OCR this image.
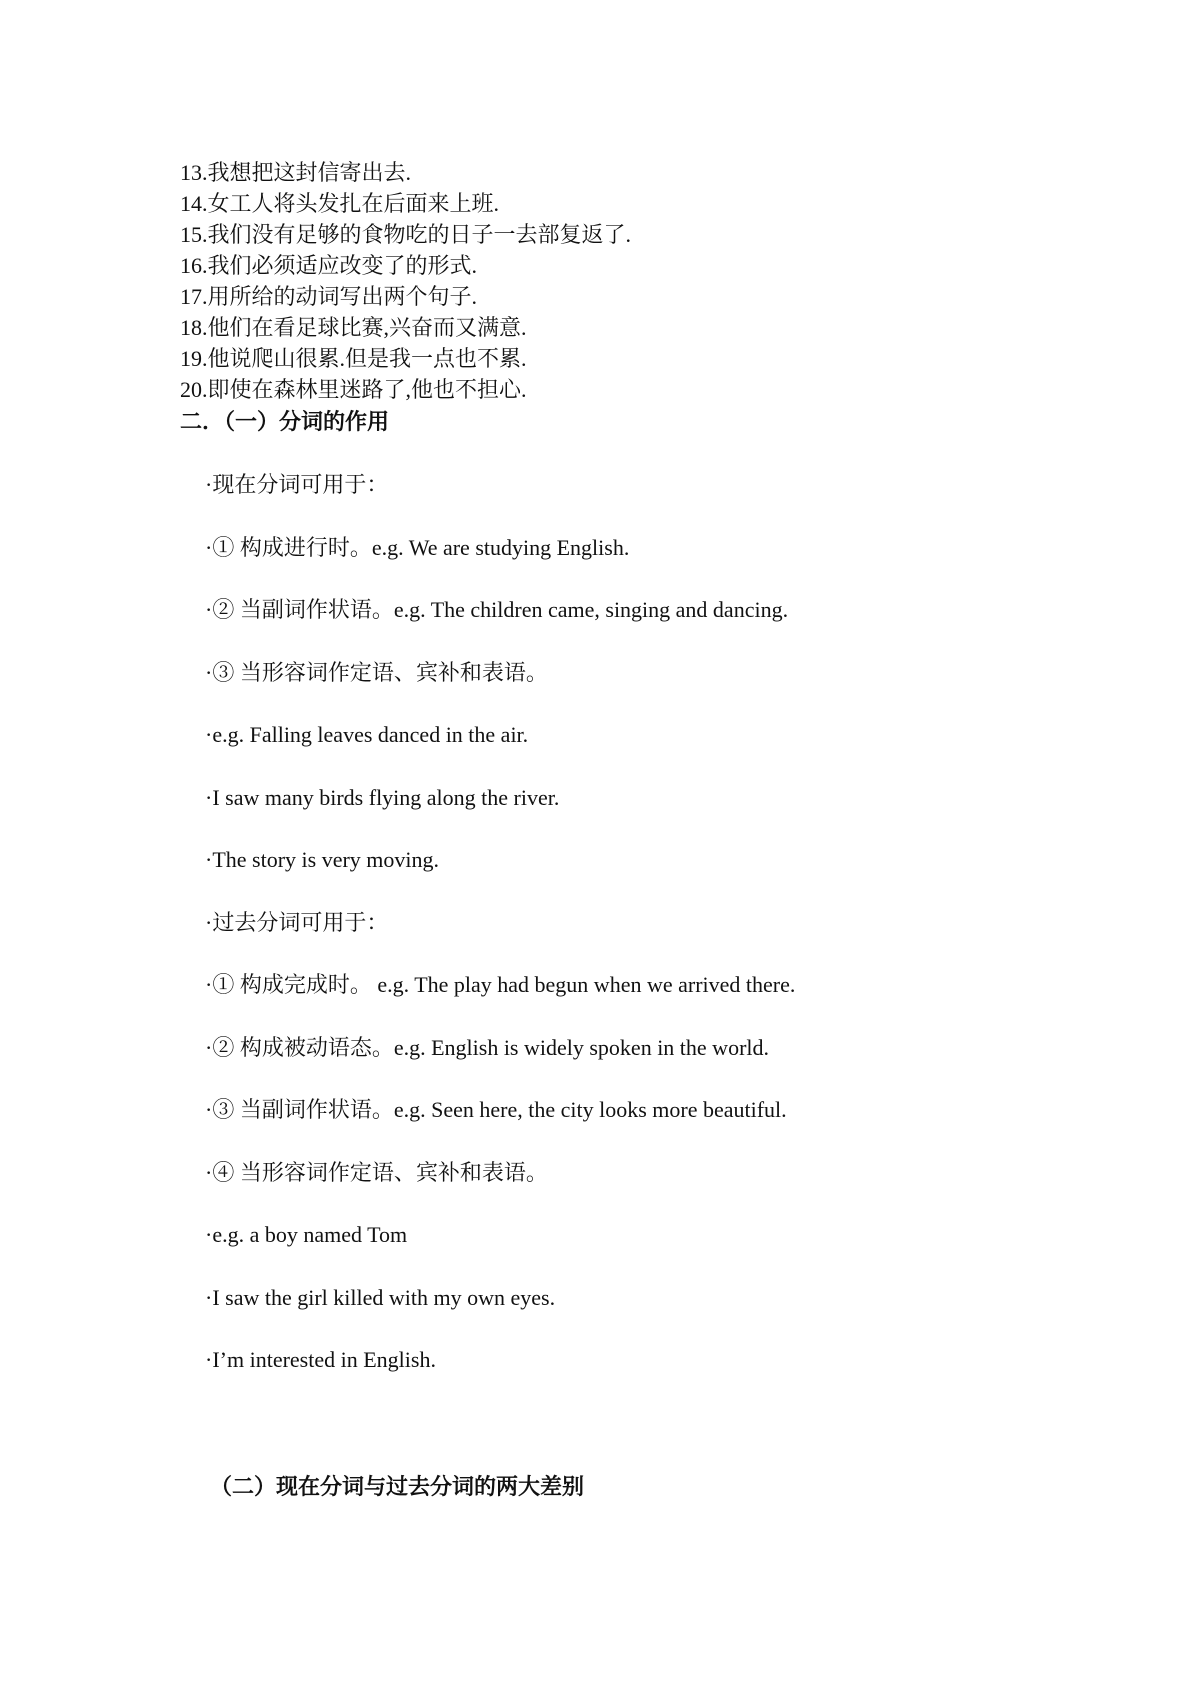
13.我想把这封信寄出去.
14.女工人将头发扎在后面来上班.
15.我们没有足够的食物吃的日子一去部复返了.
16.我们必须适应改变了的形式.
17.用所给的动词写出两个句子.
18.他们在看足球比赛,兴奋而又满意.
19.他说爬山很累.但是我一点也不累.
20.即使在森林里迷路了,他也不担心.
二．（一）分词的作用
·现在分词可用于：
·① 构成进行时。e.g. We are studying English.
·② 当副词作状语。e.g. The children came, singing and dancing.
·③ 当形容词作定语、宾补和表语。
·e.g. Falling leaves danced in the air.
·I saw many birds flying along the river.
·The story is very moving.
·过去分词可用于：
·① 构成完成时。 e.g. The play had begun when we arrived there.
·② 构成被动语态。e.g. English is widely spoken in the world.
·③ 当副词作状语。e.g. Seen here, the city looks more beautiful.
·④ 当形容词作定语、宾补和表语。
·e.g. a boy named Tom
·I saw the girl killed with my own eyes.
·I’m interested in English.
（二）现在分词与过去分词的两大差别
